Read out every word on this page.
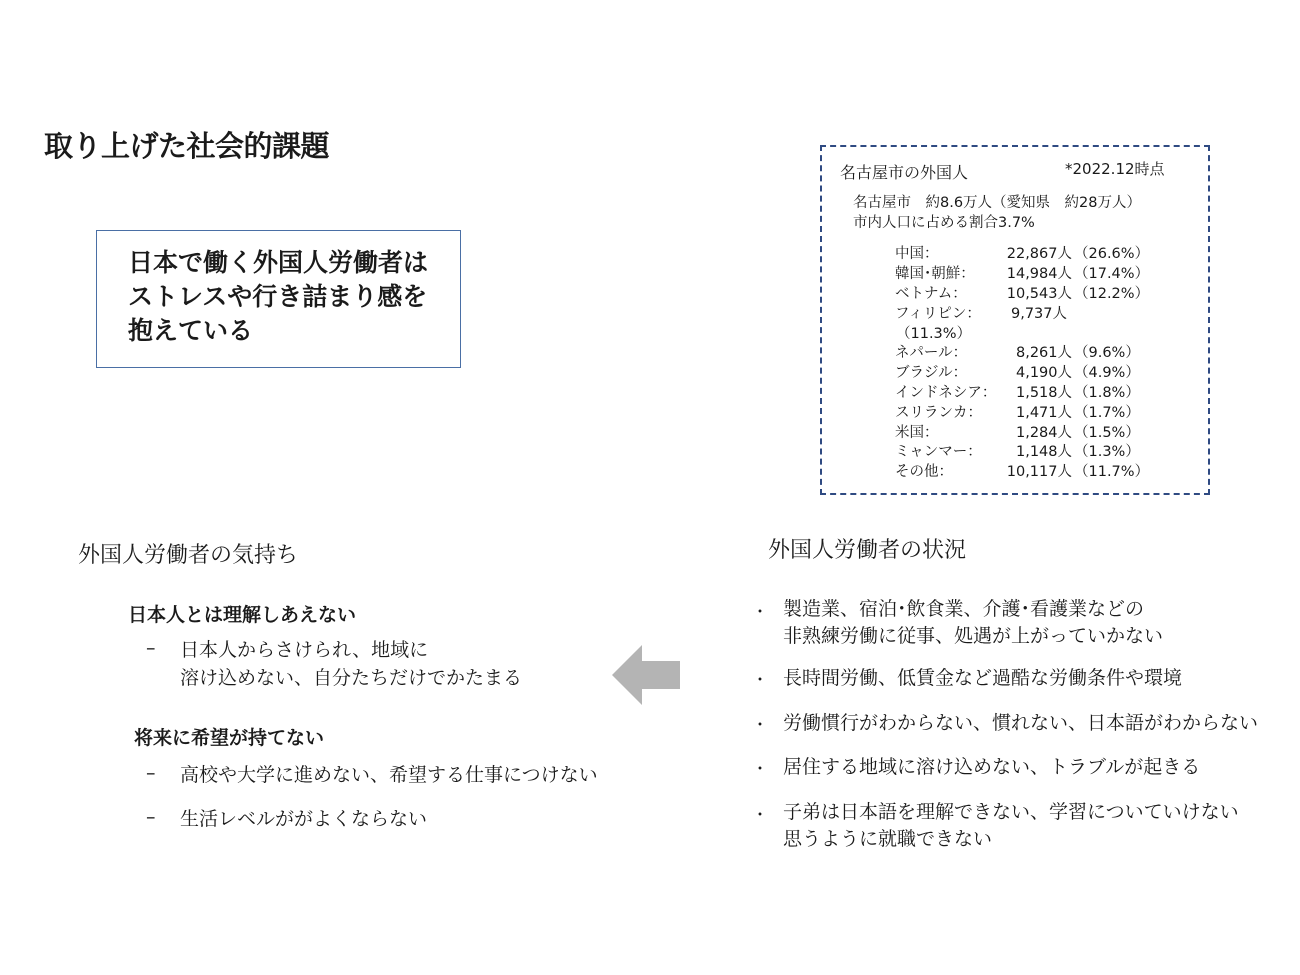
取り上げた社会的課題
日本で働く外国人労働者は
ストレスや行き詰まり感を
抱えている
名古屋市の外国人	*2022.12時点
名古屋市　約8.6万人（愛知県　約28万人）
市内人口に占める割合3.7%
中国：	22,867人 （26.6%）
韓国･朝鮮：	14,984人 （17.4%）
ベトナム：	10,543人 （12.2%）
フィリピン：	9,737人
（11.3%）
ネパール：	8,261人 （9.6%）
ブラジル：	4,190人 （4.9%）
インドネシア：	1,518人 （1.8%）
スリランカ：	1,471人 （1.7%）
米国：	1,284人 （1.5%）
ミャンマー：	1,148人 （1.3%）
その他：	10,117人 （11.7%）
外国人労働者の気持ち
日本人とは理解しあえない
– 日本人からさけられ、地域に
溶け込めない、自分たちだけでかたまる
将来に希望が持てない
– 高校や大学に進めない、希望する仕事につけない
– 生活レベルががよくならない
外国人労働者の状況
・ 製造業、宿泊･飲食業、介護･看護業などの
非熟練労働に従事、処遇が上がっていかない
・ 長時間労働、低賃金など過酷な労働条件や環境
・ 労働慣行がわからない、慣れない、日本語がわからない
・ 居住する地域に溶け込めない、トラブルが起きる
・ 子弟は日本語を理解できない、学習についていけない
思うように就職できない
